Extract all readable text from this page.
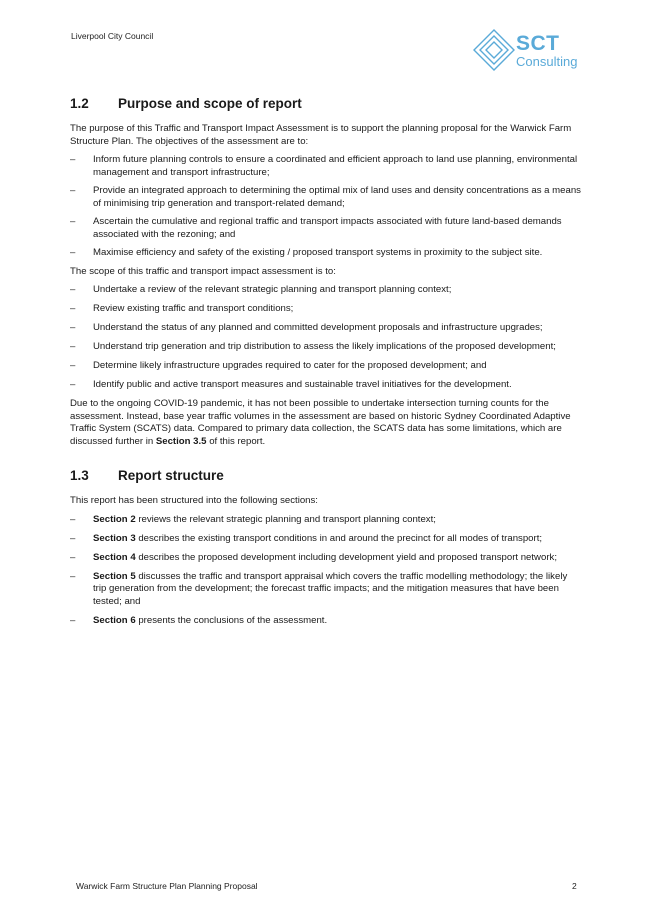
Liverpool City Council	SCT
Consulting
1.2	Purpose and scope of report

The purpose of this Traffic and Transport Impact Assessment is to support the planning proposal for the Warwick Farm Structure Plan. The objectives of the assessment are to:

– Inform future planning controls to ensure a coordinated and efficient approach to land use planning, environmental management and transport infrastructure;
– Provide an integrated approach to determining the optimal mix of land uses and density concentrations as a means of minimising trip generation and transport-related demand;
– Ascertain the cumulative and regional traffic and transport impacts associated with future land-based demands associated with the rezoning; and
– Maximise efficiency and safety of the existing / proposed transport systems in proximity to the subject site.

The scope of this traffic and transport impact assessment is to:

– Undertake a review of the relevant strategic planning and transport planning context;
– Review existing traffic and transport conditions;
– Understand the status of any planned and committed development proposals and infrastructure upgrades;
– Understand trip generation and trip distribution to assess the likely implications of the proposed development;
– Determine likely infrastructure upgrades required to cater for the proposed development; and
– Identify public and active transport measures and sustainable travel initiatives for the development.

Due to the ongoing COVID-19 pandemic, it has not been possible to undertake intersection turning counts for the assessment. Instead, base year traffic volumes in the assessment are based on historic Sydney Coordinated Adaptive Traffic System (SCATS) data. Compared to primary data collection, the SCATS data has some limitations, which are discussed further in Section 3.5 of this report.

1.3	Report structure

This report has been structured into the following sections:

– Section 2 reviews the relevant strategic planning and transport planning context;
– Section 3 describes the existing transport conditions in and around the precinct for all modes of transport;
– Section 4 describes the proposed development including development yield and proposed transport network;
– Section 5 discusses the traffic and transport appraisal which covers the traffic modelling methodology; the likely trip generation from the development; the forecast traffic impacts; and the mitigation measures that have been tested; and
– Section 6 presents the conclusions of the assessment.
Warwick Farm Structure Plan Planning Proposal	2
